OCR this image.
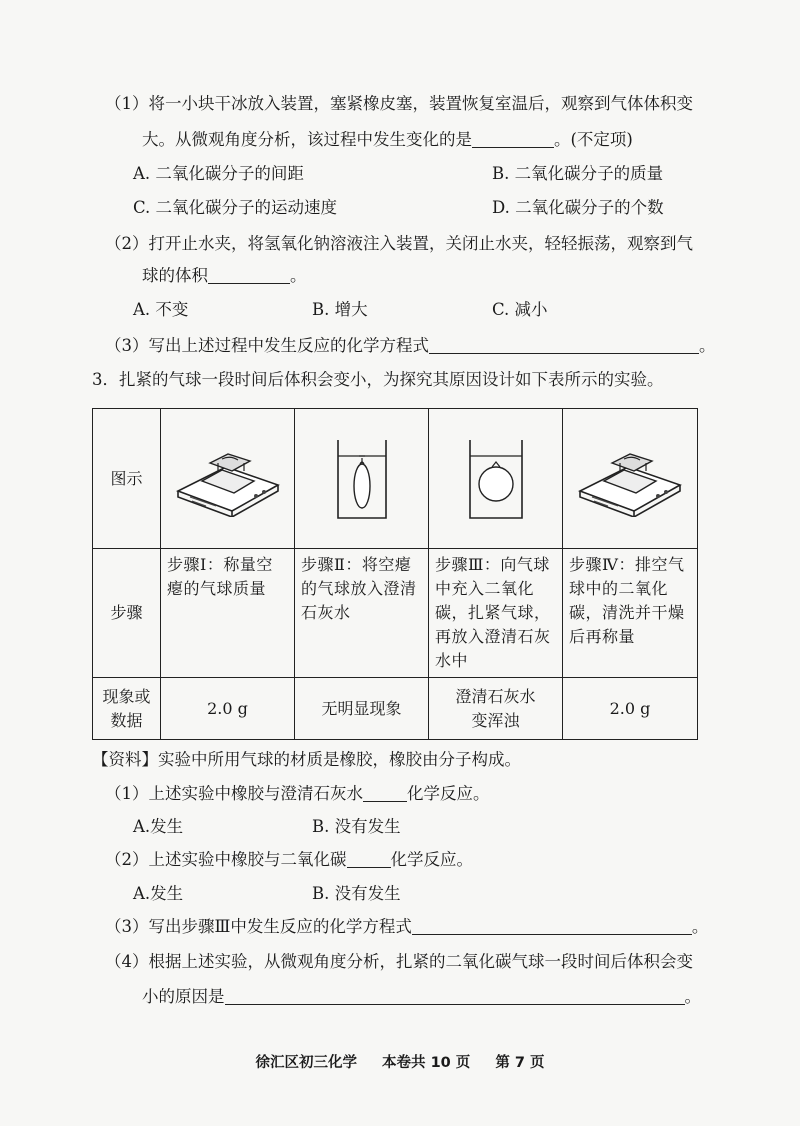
（1）将一小块干冰放入装置，塞紧橡皮塞，装置恢复室温后，观察到气体体积变
大。从微观角度分析，该过程中发生变化的是	。(不定项)
A. 二氧化碳分子的间距	B. 二氧化碳分子的质量
C. 二氧化碳分子的运动速度	D. 二氧化碳分子的个数
（2）打开止水夹，将氢氧化钠溶液注入装置，关闭止水夹，轻轻振荡，观察到气
球的体积	。
A. 不变	B. 增大	C. 减小
（3）写出上述过程中发生反应的化学方程式	。
3．扎紧的气球一段时间后体积会变小，为探究其原因设计如下表所示的实验。
图示	

步骤	步骤Ⅰ：称量空瘪的气球质量	步骤Ⅱ：将空瘪的气球放入澄清石灰水	步骤Ⅲ：向气球中充入二氧化碳，扎紧气球，再放入澄清石灰水中	步骤Ⅳ：排空气球中的二氧化碳，清洗并干燥后再称量
现象或数据	2.0 g	无明显现象	澄清石灰水变浑浊	2.0 g
【资料】实验中所用气球的材质是橡胶，橡胶由分子构成。
（1）上述实验中橡胶与澄清石灰水	化学反应。
A.发生	B. 没有发生
（2）上述实验中橡胶与二氧化碳	化学反应。
A.发生	B. 没有发生
（3）写出步骤Ⅲ中发生反应的化学方程式	。
（4）根据上述实验，从微观角度分析，扎紧的二氧化碳气球一段时间后体积会变
小的原因是	。
徐汇区初三化学 本卷共 10 页 第 7 页
